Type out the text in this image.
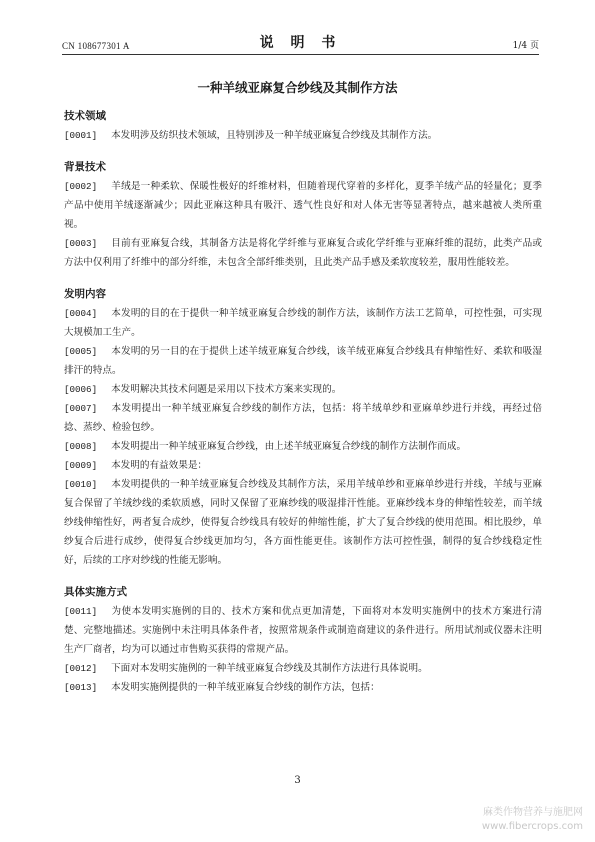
CN 108677301 A	说 明 书	1/4 页
一种羊绒亚麻复合纱线及其制作方法
技术领域

[0001] 本发明涉及纺织技术领域，且特别涉及一种羊绒亚麻复合纱线及其制作方法。

背景技术

[0002] 羊绒是一种柔软、保暖性极好的纤维材料，但随着现代穿着的多样化，夏季羊绒产品的轻量化；夏季产品中使用羊绒逐渐减少；因此亚麻这种具有吸汗、透气性良好和对人体无害等显著特点，越来越被人类所重视。

[0003] 目前有亚麻复合线，其制备方法是将化学纤维与亚麻复合或化学纤维与亚麻纤维的混纺，此类产品或方法中仅利用了纤维中的部分纤维，未包含全部纤维类别，且此类产品手感及柔软度较差，服用性能较差。

发明内容

[0004] 本发明的目的在于提供一种羊绒亚麻复合纱线的制作方法，该制作方法工艺简单，可控性强，可实现大规模加工生产。

[0005] 本发明的另一目的在于提供上述羊绒亚麻复合纱线，该羊绒亚麻复合纱线具有伸缩性好、柔软和吸湿排汗的特点。

[0006] 本发明解决其技术问题是采用以下技术方案来实现的。

[0007] 本发明提出一种羊绒亚麻复合纱线的制作方法，包括：将羊绒单纱和亚麻单纱进行并线，再经过倍捻、蒸纱、检验包纱。

[0008] 本发明提出一种羊绒亚麻复合纱线，由上述羊绒亚麻复合纱线的制作方法制作而成。

[0009] 本发明的有益效果是：

[0010] 本发明提供的一种羊绒亚麻复合纱线及其制作方法，采用羊绒单纱和亚麻单纱进行并线，羊绒与亚麻复合保留了羊绒纱线的柔软质感，同时又保留了亚麻纱线的吸湿排汗性能。亚麻纱线本身的伸缩性较差，而羊绒纱线伸缩性好，两者复合成纱，使得复合纱线具有较好的伸缩性能，扩大了复合纱线的使用范围。相比股纱，单纱复合后进行成纱，使得复合纱线更加均匀，各方面性能更佳。该制作方法可控性强，制得的复合纱线稳定性好，后续的工序对纱线的性能无影响。

具体实施方式

[0011] 为使本发明实施例的目的、技术方案和优点更加清楚，下面将对本发明实施例中的技术方案进行清楚、完整地描述。实施例中未注明具体条件者，按照常规条件或制造商建议的条件进行。所用试剂或仪器未注明生产厂商者，均为可以通过市售购买获得的常规产品。

[0012] 下面对本发明实施例的一种羊绒亚麻复合纱线及其制作方法进行具体说明。

[0013] 本发明实施例提供的一种羊绒亚麻复合纱线的制作方法，包括：

3
麻类作物营养与施肥网
www.fibercrops.com
